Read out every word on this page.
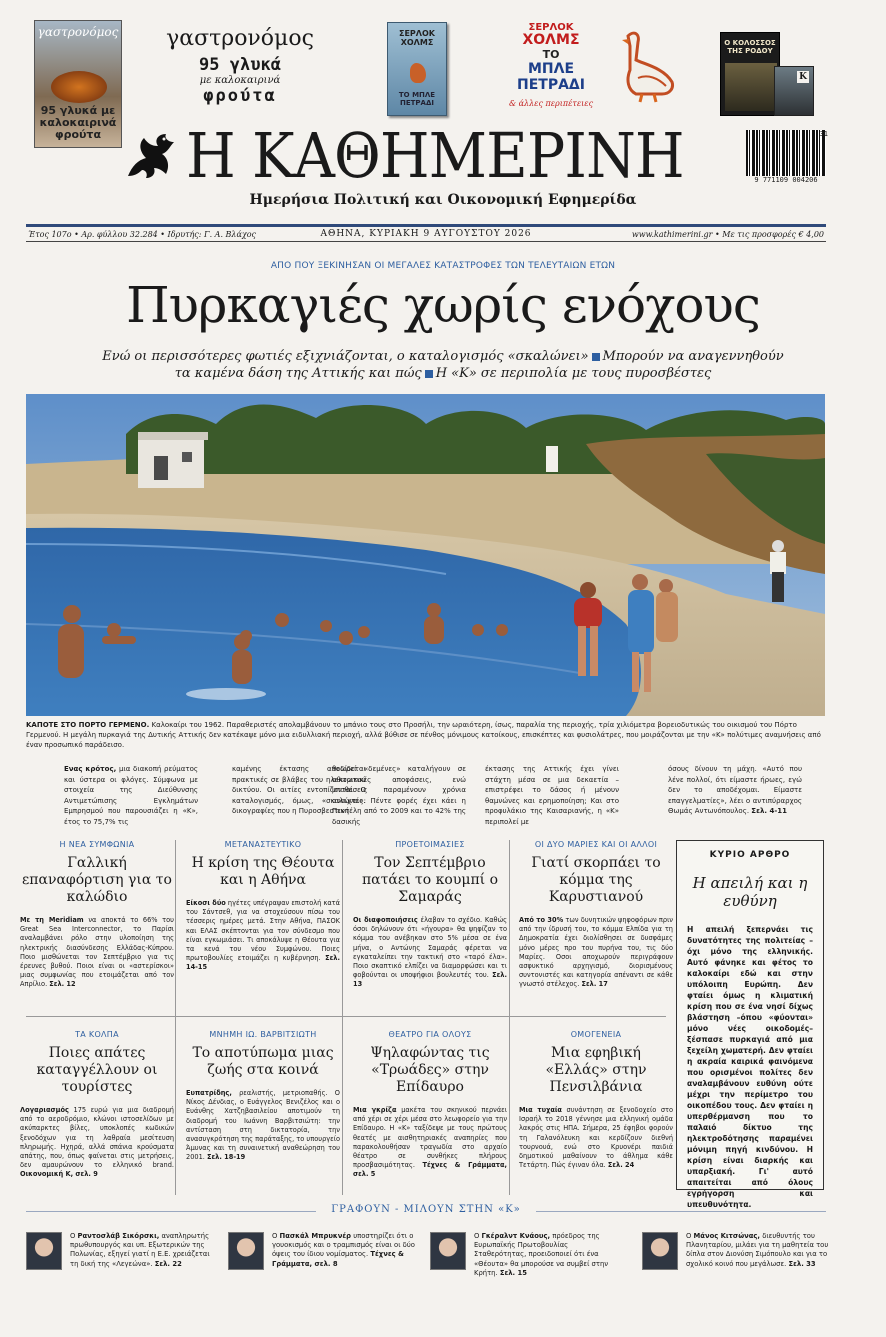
γαστρονόμος
95 γλυκά με καλοκαιρινά φρούτα
γαστρονόμος
95 γλυκά
με καλοκαιρινά
φρούτα
ΣΕΡΛΟΚ ΧΟΛΜΣ
ΤΟ ΜΠΛΕ ΠΕΤΡΑΔΙ
ΣΕΡΛΟΚ
ΧΟΛΜΣ
ΤΟ
ΜΠΛΕ ΠΕΤΡΑΔΙ
& άλλες περιπέτειες
Ο ΚΟΛΟΣΣΟΣ ΤΗΣ ΡΟΔΟΥ
K
Η ΚΑΘΗΜΕΡΙΝΗ	9 771109 004206
31
Ημερήσια Πολιτική και Οικονομική Εφημερίδα
Έτος 107ο • Αρ. φύλλου 32.284 • Ιδρυτής: Γ. Α. Βλάχος	ΑΘΗΝΑ, ΚΥΡΙΑΚΗ 9 ΑΥΓΟΥΣΤΟΥ 2026	www.kathimerini.gr • Με τις προσφορές € 4,00
ΑΠΟ ΠΟΥ ΞΕΚΙΝΗΣΑΝ ΟΙ ΜΕΓΑΛΕΣ ΚΑΤΑΣΤΡΟΦΕΣ ΤΩΝ ΤΕΛΕΥΤΑΙΩΝ ΕΤΩΝ
Πυρκαγιές χωρίς ενόχους
Ενώ οι περισσότερες φωτιές εξιχνιάζονται, ο καταλογισμός «σκαλώνει» Μπορούν να αναγεννηθούν
τα καμένα δάση της Αττικής και πώς Η «Κ» σε περιπολία με τους πυροσβέστες
ΚΑΠΟΤΕ ΣΤΟ ΠΟΡΤΟ ΓΕΡΜΕΝΟ. Καλοκαίρι του 1962. Παραθεριστές απολαμβάνουν το μπάνιο τους στο Προσήλι, την ωραιότερη, ίσως, παραλία της περιοχής, τρία χιλιόμετρα βορειοδυτικώς του οικισμού του Πόρτο Γερμενού. Η μεγάλη πυρκαγιά της Δυτικής Αττικής δεν κατέκαψε μόνο μια ειδυλλιακή περιοχή, αλλά βύθισε σε πένθος μόνιμους κατοίκους, επισκέπτες και φυσιολάτρες, που μοιράζονται με την «Κ» πολύτιμες αναμνήσεις από έναν προσωπικό παράδεισο.
Ενας κρότος, μια διακοπή ρεύματος και ύστερα οι φλόγες. Σύμφωνα με στοιχεία της Διεύθυνσης Αντιμετώπισης Εγκλημάτων Εμπρησμού που παρουσιάζει η «Κ», έτος το 75,7% τις
καμένης έκτασης αποδίδεται πρακτικές σε βλάβες του ηλεκτρικού δικτύου. Οι αιτίες εντοπίζονται. Ο καταλογισμός, όμως, «σκαλώνει»: δικογραφίες που η Πυροσβεστική
θεωρεί «δεμένες» καταλήγουν σε αθωωτικές αποφάσεις, ενώ υποθέσεις παραμένουν χρόνια ανοιχτές. Πέντε φορές έχει κάει η Πεντέλη από το 2009 και το 42% της δασικής
έκτασης της Αττικής έχει γίνει στάχτη μέσα σε μια δεκαετία – επιστρέφει το δάσος ή μένουν θαμνώνες και ερημοποίηση; Και στο προφυλάκιο της Καισαριανής, η «Κ» περιπολεί με
όσους δίνουν τη μάχη. «Αυτό που λένε πολλοί, ότι είμαστε ήρωες, εγώ δεν το αποδέχομαι. Είμαστε επαγγελματίες», λέει ο αντιπύραρχος Θωμάς Αντωνόπουλος. Σελ. 4-11
Η ΝΕΑ ΣΥΜΦΩΝΙΑ
Γαλλική επαναφόρτιση για το καλώδιο
Με τη Meridiam να αποκτά το 66% του Great Sea Interconnector, το Παρίσι αναλαμβάνει ρόλο στην υλοποίηση της ηλεκτρικής διασύνδεσης Ελλάδας-Κύπρου. Ποιο μισθώνεται τον Σεπτέμβριο για τις έρευνες βυθού. Ποιοι είναι οι «αστερίσκοι» μιας συμφωνίας που ετοιμάζεται από τον Απρίλιο. Σελ. 12
ΜΕΤΑΝΑΣΤΕΥΤΙΚΟ
Η κρίση της Θέουτα και η Αθήνα
Είκοσι δύο ηγέτες υπέγραψαν επιστολή κατά του Σάντσεθ, για να στοχεύσουν πίσω του τέσσερις ημέρες μετά. Στην Αθήνα, ΠΑΣΟΚ και ΕΛΑΣ σκέπτονται για τον σύνδεσμο που είναι εγκωμιάσει. Τι αποκάλυψε η Θέουτα για τα κενά του νέου Συμφώνου. Ποιες πρωτοβουλίες ετοιμάζει η κυβέρνηση. Σελ. 14-15
ΠΡΟΕΤΟΙΜΑΣΙΕΣ
Τον Σεπτέμβριο πατάει το κουμπί ο Σαμαράς
Οι διαφοποιήσεις έλαβαν το σχέδιο. Καθώς όσοι δηλώνουν ότι «ήγουρα» θα ψηφίζαν το κόμμα του ανέβηκαν στο 5% μέσα σε ένα μήνα, ο Αντώνης Σαμαράς φέρεται να εγκαταλείπει την τακτική στο «ταρό έλα». Ποιο σκαπτικό ελπίζει να διαμορφώσει και τι φοβούνται οι υποψήφιοι βουλευτές του. Σελ. 13
ΟΙ ΔΥΟ ΜΑΡΙΕΣ ΚΑΙ ΟΙ ΑΛΛΟΙ
Γιατί σκορπάει το κόμμα της Καρυστιανού
Από το 30% των δυνητικών ψηφοφόρων πριν από την ίδρυσή του, το κόμμα Ελπίδα για τη Δημοκρατία έχει διολίσθησει σε δυσφάμες μόνο μέρες προ του πυρήνα του, τις δύο Μαρίες. Οσοι αποχωρούν περιγράφουν ασφυκτικό αρχηγισμό, διορισμένους συντονιστές και κατηγορία απέναντι σε κάθε γνωστό στέλεχος. Σελ. 17
ΤΑ ΚΟΛΠΑ
Ποιες απάτες καταγγέλλουν οι τουρίστες
Λογαριασμός 175 ευρώ για μια διαδρομή από το αεροδρόμιο, κλώνοι ιστοσελίδων με ακύπαρκτες βίλες, υποκλοπές κωδικών ξενοδόχων για τη λαθραία μεσίτευση πληρωμής. Ηχηρά, αλλά σπάνια κρούσματα απάτης, που, όπως φαίνεται στις μετρήσεις, δεν αμαυρώνουν το ελληνικό brand. Οικονομική Κ, σελ. 9
ΜΝΗΜΗ ΙΩ. ΒΑΡΒΙΤΣΙΩΤΗ
Το αποτύπωμα μιας ζωής στα κοινά
Ευπατρίδης, ρεαλιστής, μετριοπαθής. Ο Νίκος Δένδιας, ο Ευάγγελος Βενιζέλος και ο Ευάνθης Χατζηβασιλείου αποτιμούν τη διαδρομή του Ιωάννη Βαρβιτσιώτη: την αντίσταση στη δικτατορία, την ανασυγκρότηση της παράταξης, το υπουργείο Άμυνας και τη συναινετική αναθεώρηση του 2001. Σελ. 18-19
ΘΕΑΤΡΟ ΓΙΑ ΟΛΟΥΣ
Ψηλαφώντας τις «Τρωάδες» στην Επίδαυρο
Μια γκρίζα μακέτα του σκηνικού περνάει από χέρι σε χέρι μέσα στο λεωφορείο για την Επίδαυρο. Η «Κ» ταξίδεψε με τους πρώτους θεατές με αισθητηριακές αναπηρίες που παρακολουθήσαν τραγωδία στο αρχαίο θέατρο σε συνθήκες πλήρους προσβασιμότητας. Τέχνες & Γράμματα, σελ. 5
ΟΜΟΓΕΝΕΙΑ
Μια εφηβική «Ελλάς» στην Πενσιλβάνια
Μια τυχαία συνάντηση σε ξενοδοχείο στο Ισραήλ το 2018 γέννησε μια ελληνική ομάδα λακρός στις ΗΠΑ. Σήμερα, 25 έφηβοι φορούν τη Γαλανόλευκη και κερδίζουν διεθνή τουρνουά, ενώ στο Κρυονέρι παιδιά δημοτικού μαθαίνουν το άθλημα κάθε Τετάρτη. Πώς έγιναν όλα. Σελ. 24
ΚΥΡΙΟ ΑΡΘΡΟ
Η απειλή και η ευθύνη
Η απειλή ξεπερνάει τις δυνατότητες της πολιτείας – όχι μόνο της ελληνικής. Αυτό φάνηκε και φέτος το καλοκαίρι εδώ και στην υπόλοιπη Ευρώπη. Δεν φταίει όμως η κλιματική κρίση που σε ένα νησί δίχως βλάστηση –όπου «φύονται» μόνο νέες οικοδομές– ξέσπασε πυρκαγιά από μια ξεχείλη χωματερή. Δεν φταίει η ακραία καιρικά φαινόμενα που ορισμένοι πολίτες δεν αναλαμβάνουν ευθύνη ούτε μέχρι την περίμετρο του οικοπέδου τους. Δεν φταίει η υπερθέρμανση που το παλαιό δίκτυο της ηλεκτροδότησης παραμένει μόνιμη πηγή κινδύνου. Η κρίση είναι διαρκής και υπαρξιακή. Γι' αυτό απαιτείται από όλους εγρήγορση και υπευθυνότητα.
ΓΡΑΦΟΥΝ - ΜΙΛΟΥΝ ΣΤΗΝ «Κ»
Ο Ραντοσλάβ Σικόρσκι, αναπληρωτής πρωθυπουργός και υπ. Εξωτερικών της Πολωνίας, εξηγεί γιατί η Ε.Ε. χρειάζεται τη δική της «Λεγεώνα». Σελ. 22
Ο Πασκάλ Μπρυκνέρ υποστηρίζει ότι ο γουοκισμός και ο τραμπισμός είναι οι δύο όψεις του ίδιου νομίσματος. Τέχνες & Γράμματα, σελ. 8
Ο Γκέραλντ Κνάους, πρόεδρος της Ευρωπαϊκής Πρωτοβουλίας Σταθερότητας, προειδοποιεί ότι ένα «Θέουτα» θα μπορούσε να συμβεί στην Κρήτη. Σελ. 15
Ο Μάνος Κιτσώνας, διευθυντής του Πλανηταρίου, μιλάει για τη μαθητεία του δίπλα στον Διονύση Σιμόπουλο και για το σχολικό κοινό που μεγάλωσε. Σελ. 33
